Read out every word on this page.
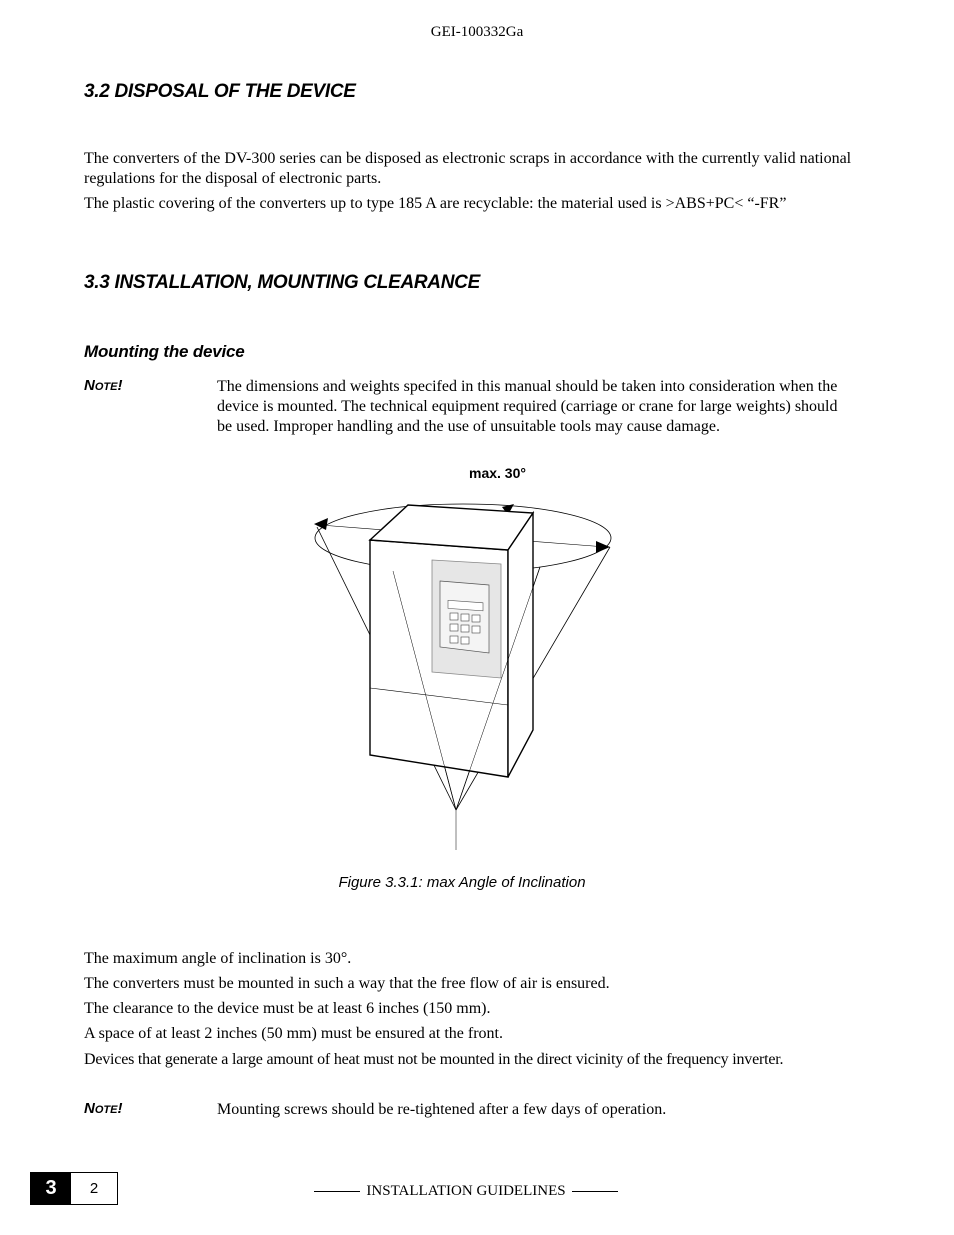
GEI-100332Ga
3.2 DISPOSAL OF THE DEVICE
The converters of the DV-300 series can be disposed as electronic scraps in accordance with the currently valid national regulations for the disposal of electronic parts.
The plastic covering of the converters up to type 185 A are recyclable: the material used is >ABS+PC< “-FR”
3.3 INSTALLATION, MOUNTING CLEARANCE
Mounting the device
Note!	The dimensions and weights specifed in this manual should be taken into consideration when the device is mounted. The technical equipment required (carriage or crane for large weights) should be used. Improper handling and the use of unsuitable tools may cause damage.
max. 30°
Figure 3.3.1: max Angle of Inclination
The maximum angle of inclination is 30°.
The converters must be mounted in such a way that the free flow of air is ensured.
The clearance to the device must be at least 6 inches (150 mm).
A space of at least 2 inches (50 mm) must be ensured at the front.
Devices that generate a large amount of heat must not be mounted in the direct vicinity of the frequency inverter.
Note!	Mounting screws should be re-tightened after a few days of operation.
3	2	INSTALLATION GUIDELINES
